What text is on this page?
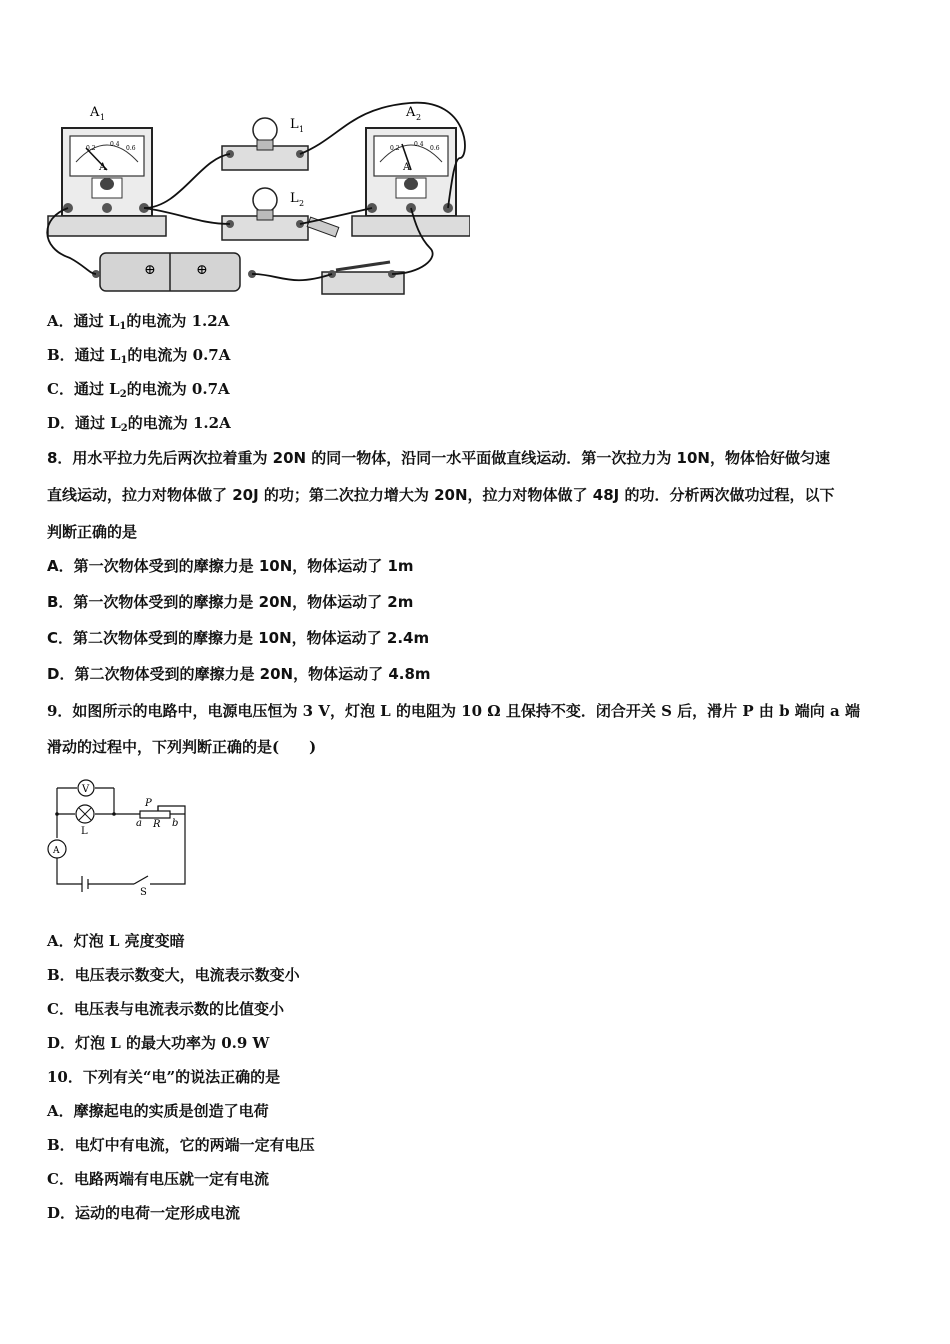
A
0.2
0.4
0.6
A 1	L 1
L 2
A
0.2
0.4
0.6
A 2
⊕	⊕
A．通过 $L_1$的电流为 1.2A
B．通过 $L_1$的电流为 0.7A
C．通过 $L_2$的电流为 0.7A
D．通过 $L_2$的电流为 1.2A
8．用水平拉力先后两次拉着重为 20N 的同一物体，沿同一水平面做直线运动．第一次拉力为 10N，物体恰好做匀速
直线运动，拉力对物体做了 20J 的功；第二次拉力增大为 20N，拉力对物体做了 48J 的功．分析两次做功过程，以下
判断正确的是
A．第一次物体受到的摩擦力是 10N，物体运动了 1m
B．第一次物体受到的摩擦力是 20N，物体运动了 2m
C．第二次物体受到的摩擦力是 10N，物体运动了 2.4m
D．第二次物体受到的摩擦力是 20N，物体运动了 4.8m
9．如图所示的电路中，电源电压恒为 3 V，灯泡 L 的电阻为 10 Ω 且保持不变．闭合开关 S 后，滑片 P 由 b 端向 a 端
滑动的过程中，下列判断正确的是(　　)
V
L
A
P
a	b
R
S
A．灯泡 L 亮度变暗
B．电压表示数变大，电流表示数变小
C．电压表与电流表示数的比值变小
D．灯泡 L 的最大功率为 0.9 W
10．下列有关“电”的说法正确的是
A．摩擦起电的实质是创造了电荷
B．电灯中有电流，它的两端一定有电压
C．电路两端有电压就一定有电流
D．运动的电荷一定形成电流
